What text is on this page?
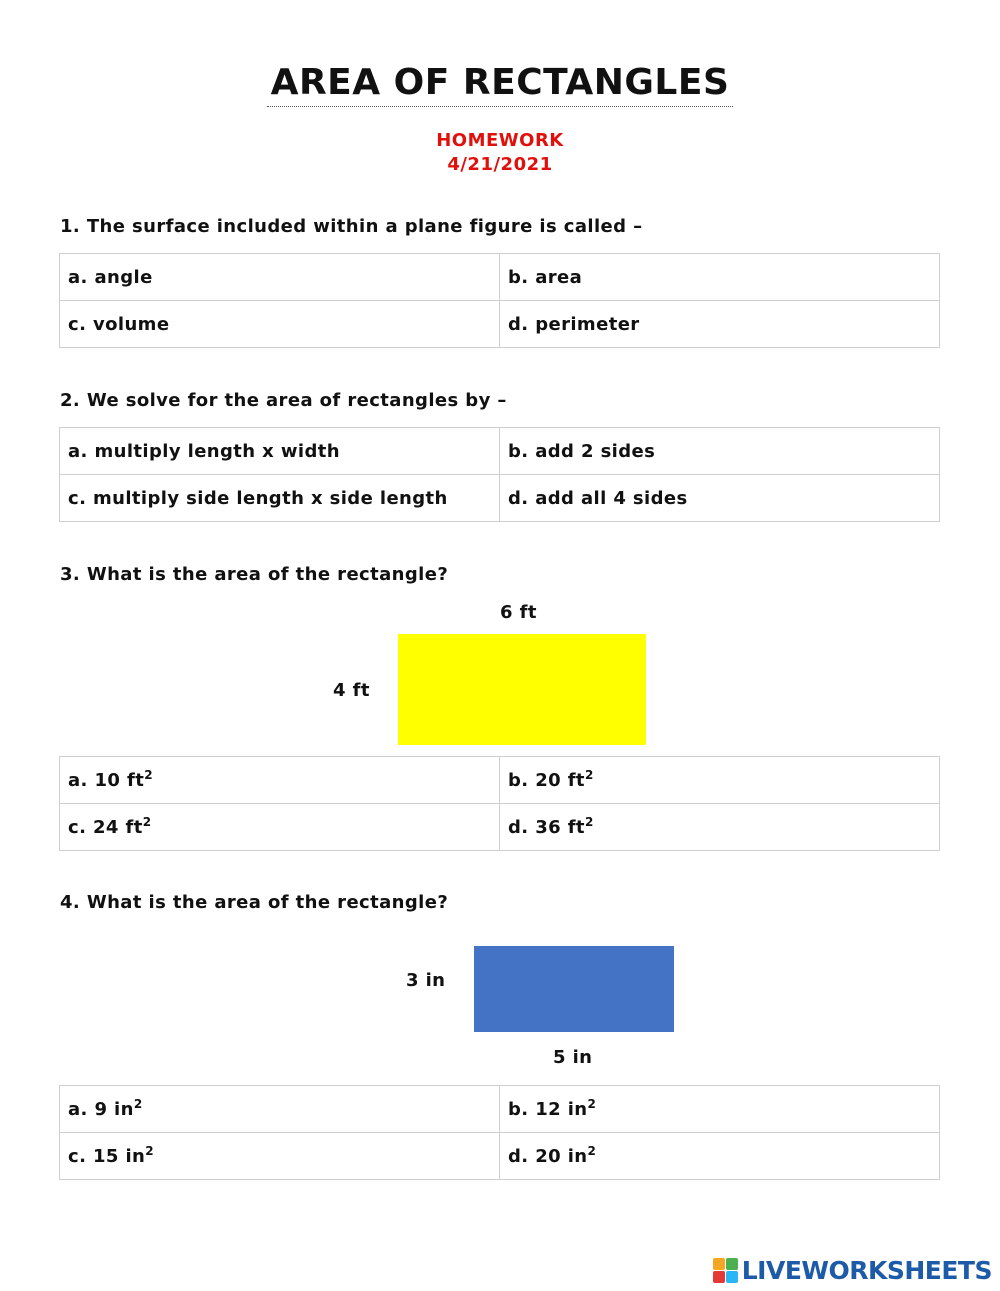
AREA OF RECTANGLES
HOMEWORK
4/21/2021
1. The surface included within a plane figure is called –
a. angle	b. area
c. volume	d. perimeter
2. We solve for the area of rectangles by –
a. multiply length x width	b. add 2 sides
c. multiply side length x side length	d. add all 4 sides
3. What is the area of the rectangle?
6 ft
4 ft
a. 10 $ft^2$	b. 20 $ft^2$
c. 24 $ft^2$	d. 36 $ft^2$
4. What is the area of the rectangle?
3 in
5 in
a. 9 $in^2$	b. 12 $in^2$
c. 15 $in^2$	d. 20 $in^2$
LIVEWORKSHEETS
